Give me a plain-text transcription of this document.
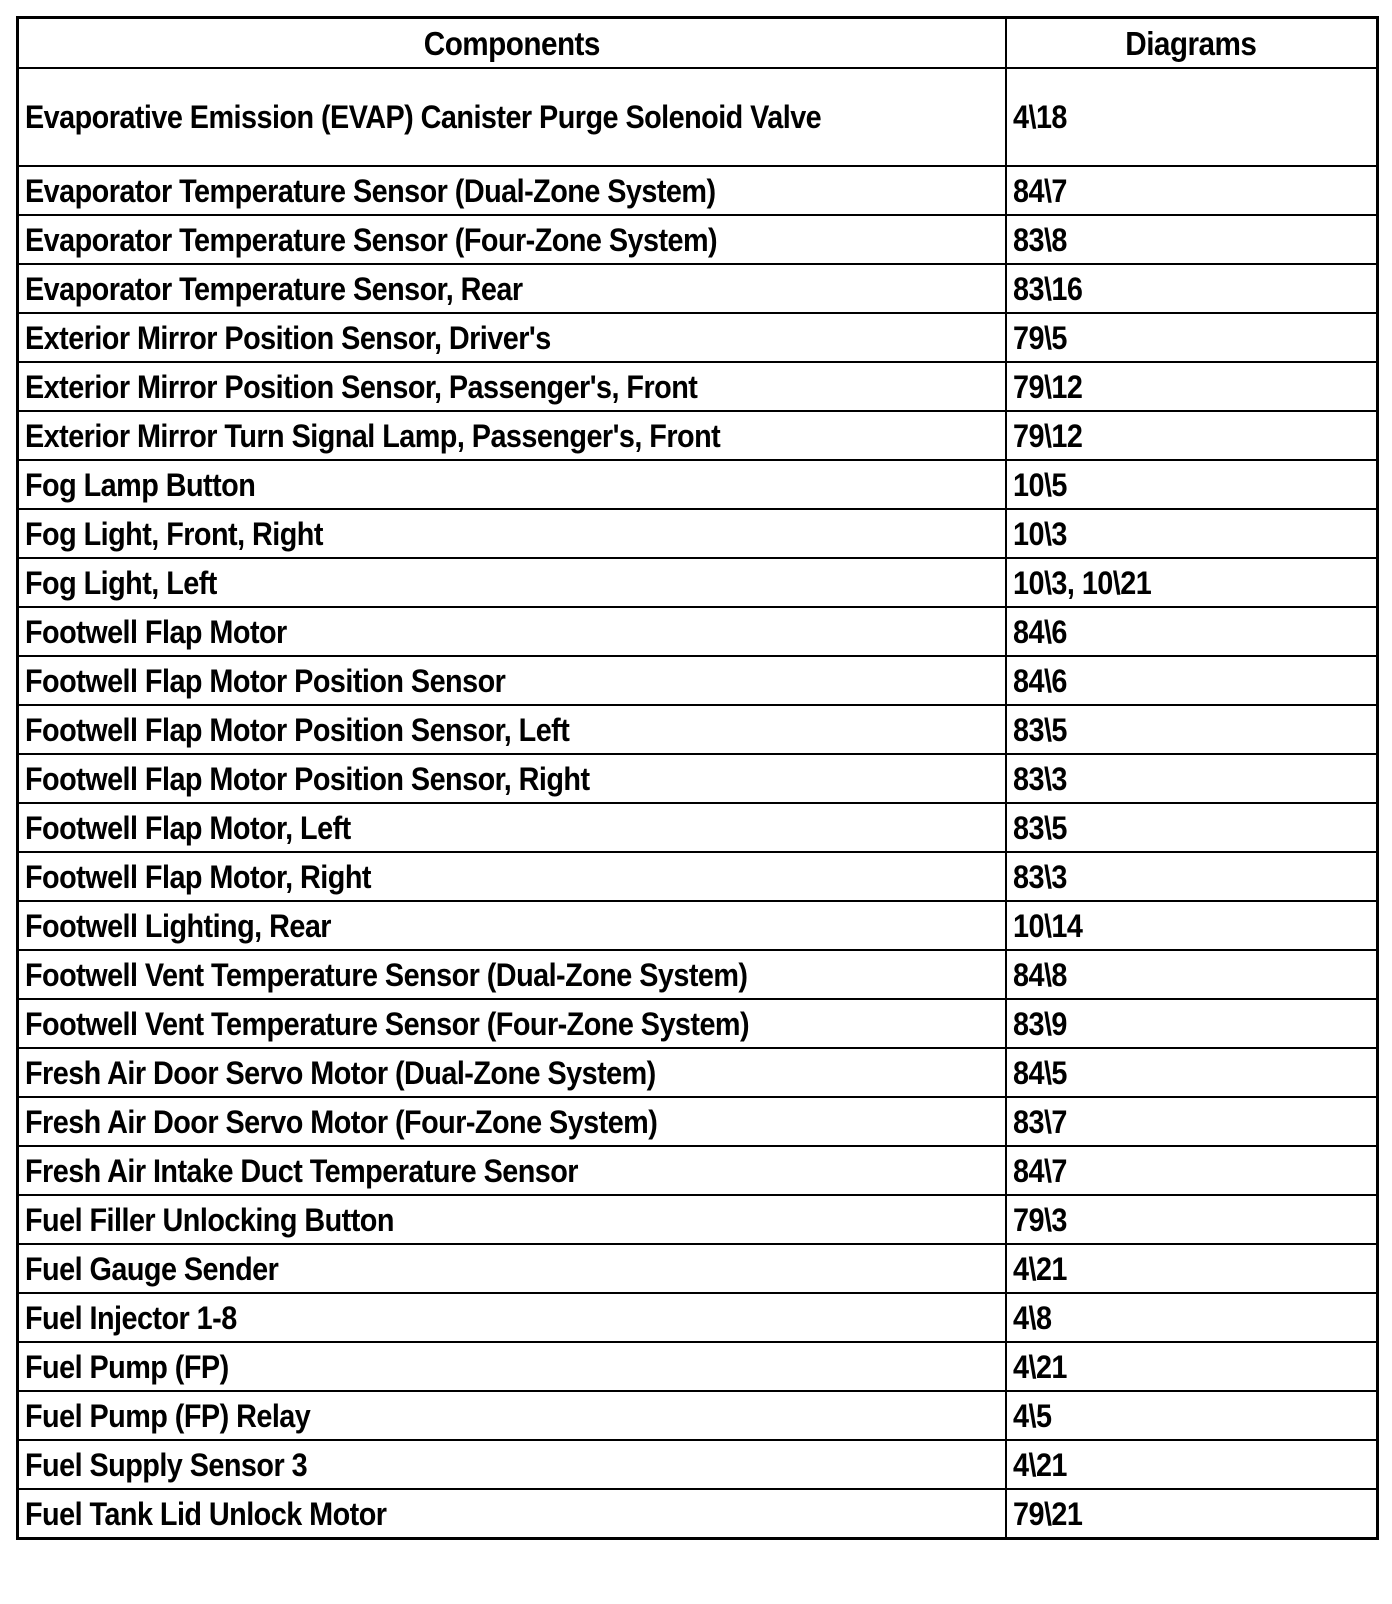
Components	Diagrams
Evaporative Emission (EVAP) Canister Purge Solenoid Valve	4\18
Evaporator Temperature Sensor (Dual-Zone System)	84\7
Evaporator Temperature Sensor (Four-Zone System)	83\8
Evaporator Temperature Sensor, Rear	83\16
Exterior Mirror Position Sensor, Driver's	79\5
Exterior Mirror Position Sensor, Passenger's, Front	79\12
Exterior Mirror Turn Signal Lamp, Passenger's, Front	79\12
Fog Lamp Button	10\5
Fog Light, Front, Right	10\3
Fog Light, Left	10\3, 10\21
Footwell Flap Motor	84\6
Footwell Flap Motor Position Sensor	84\6
Footwell Flap Motor Position Sensor, Left	83\5
Footwell Flap Motor Position Sensor, Right	83\3
Footwell Flap Motor, Left	83\5
Footwell Flap Motor, Right	83\3
Footwell Lighting, Rear	10\14
Footwell Vent Temperature Sensor (Dual-Zone System)	84\8
Footwell Vent Temperature Sensor (Four-Zone System)	83\9
Fresh Air Door Servo Motor (Dual-Zone System)	84\5
Fresh Air Door Servo Motor (Four-Zone System)	83\7
Fresh Air Intake Duct Temperature Sensor	84\7
Fuel Filler Unlocking Button	79\3
Fuel Gauge Sender	4\21
Fuel Injector 1-8	4\8
Fuel Pump (FP)	4\21
Fuel Pump (FP) Relay	4\5
Fuel Supply Sensor 3	4\21
Fuel Tank Lid Unlock Motor	79\21
